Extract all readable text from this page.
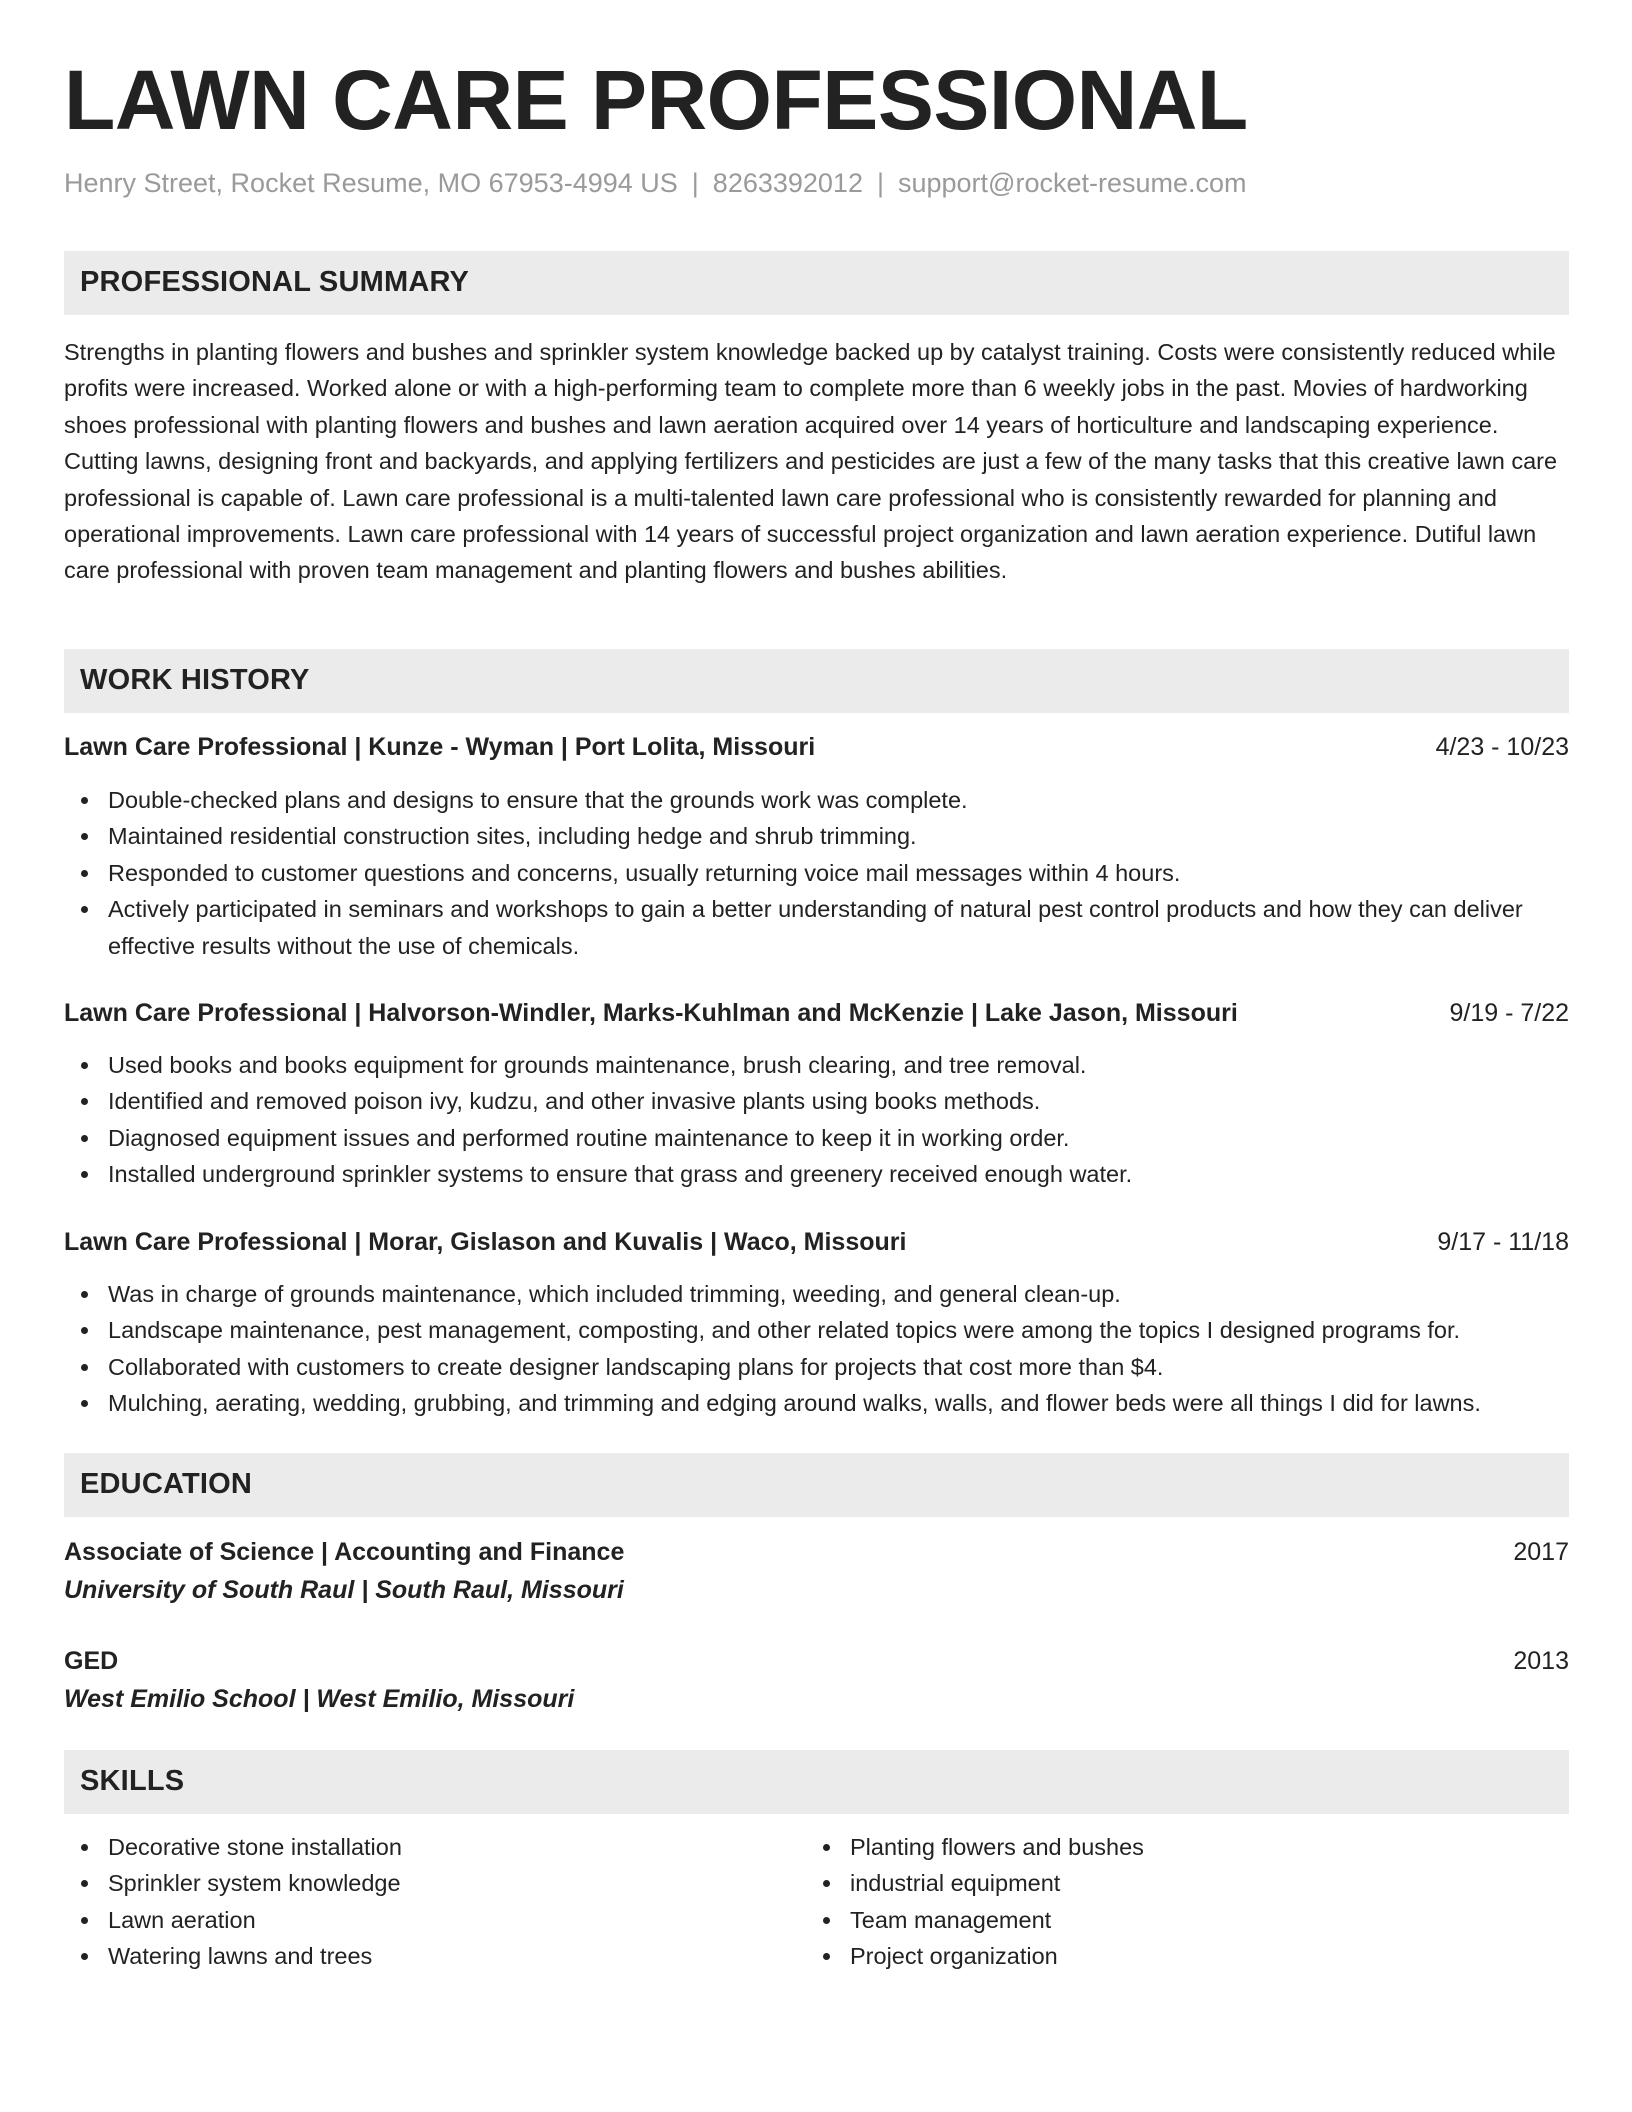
LAWN CARE PROFESSIONAL
Henry Street, Rocket Resume, MO 67953-4994 US | 8263392012 | support@rocket-resume.com
PROFESSIONAL SUMMARY

Strengths in planting flowers and bushes and sprinkler system knowledge backed up by catalyst training. Costs were consistently reduced while profits were increased. Worked alone or with a high-performing team to complete more than 6 weekly jobs in the past. Movies of hardworking shoes professional with planting flowers and bushes and lawn aeration acquired over 14 years of horticulture and landscaping experience. Cutting lawns, designing front and backyards, and applying fertilizers and pesticides are just a few of the many tasks that this creative lawn care professional is capable of. Lawn care professional is a multi-talented lawn care professional who is consistently rewarded for planning and operational improvements. Lawn care professional with 14 years of successful project organization and lawn aeration experience. Dutiful lawn care professional with proven team management and planting flowers and bushes abilities.

WORK HISTORY
Lawn Care Professional | Kunze - Wyman | Port Lolita, Missouri	4/23 - 10/23
Double-checked plans and designs to ensure that the grounds work was complete.
Maintained residential construction sites, including hedge and shrub trimming.
Responded to customer questions and concerns, usually returning voice mail messages within 4 hours.
Actively participated in seminars and workshops to gain a better understanding of natural pest control products and how they can deliver effective results without the use of chemicals.
Lawn Care Professional | Halvorson-Windler, Marks-Kuhlman and McKenzie | Lake Jason, Missouri	9/19 - 7/22
Used books and books equipment for grounds maintenance, brush clearing, and tree removal.
Identified and removed poison ivy, kudzu, and other invasive plants using books methods.
Diagnosed equipment issues and performed routine maintenance to keep it in working order.
Installed underground sprinkler systems to ensure that grass and greenery received enough water.
Lawn Care Professional | Morar, Gislason and Kuvalis | Waco, Missouri	9/17 - 11/18
Was in charge of grounds maintenance, which included trimming, weeding, and general clean-up.
Landscape maintenance, pest management, composting, and other related topics were among the topics I designed programs for.
Collaborated with customers to create designer landscaping plans for projects that cost more than $4.
Mulching, aerating, wedding, grubbing, and trimming and edging around walks, walls, and flower beds were all things I did for lawns.
EDUCATION
Associate of Science | Accounting and Finance	2017
University of South Raul | South Raul, Missouri
GED	2013
West Emilio School | West Emilio, Missouri
SKILLS
Decorative stone installation
Sprinkler system knowledge
Lawn aeration
Watering lawns and trees
Planting flowers and bushes
industrial equipment
Team management
Project organization
